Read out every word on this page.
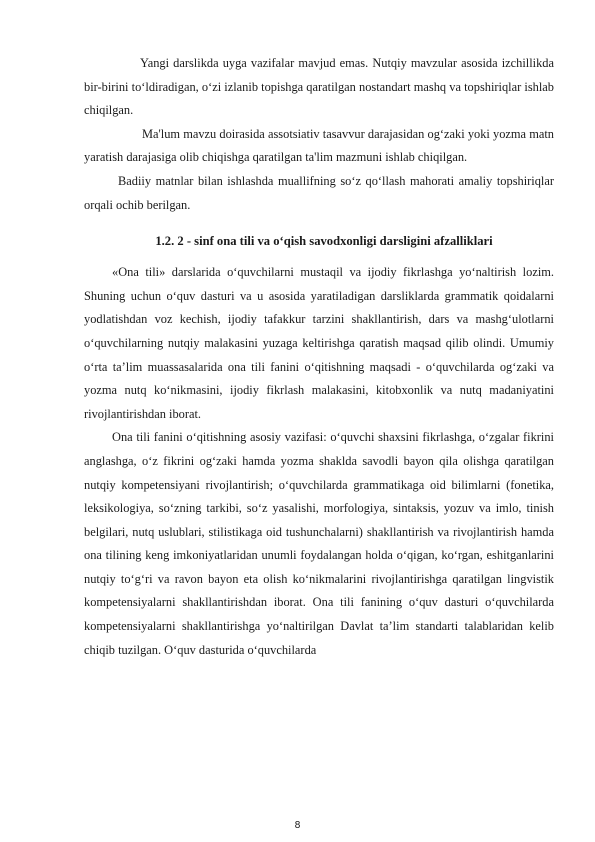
Yangi darslikda uyga vazifalar mavjud emas. Nutqiy mavzular asosida izchillikda bir-birini to‘ldiradigan, o‘zi izlanib topishga qaratilgan nostandart mashq va topshiriqlar ishlab chiqilgan.

Ma'lum mavzu doirasida assotsiativ tasavvur darajasidan og‘zaki yoki yozma matn yaratish darajasiga olib chiqishga qaratilgan ta'lim mazmuni ishlab chiqilgan.

Badiiy matnlar bilan ishlashda muallifning so‘z qo‘llash mahorati amaliy topshiriqlar orqali ochib berilgan.

1.2. 2 - sinf ona tili va o‘qish savodxonligi darsligini afzalliklari

«Ona tili» darslarida o‘quvchilarni mustaqil va ijodiy fikrlashga yo‘naltirish lozim. Shuning uchun o‘quv dasturi va u asosida yaratiladigan darsliklarda grammatik qoidalarni yodlatishdan voz kechish, ijodiy tafakkur tarzini shakllantirish, dars va mashg‘ulotlarni o‘quvchilarning nutqiy malakasini yuzaga keltirishga qaratish maqsad qilib olindi. Umumiy o‘rta ta’lim muassasalarida ona tili fanini o‘qitishning maqsadi - o‘quvchilarda og‘zaki va yozma nutq ko‘nikmasini, ijodiy fikrlash malakasini, kitobxonlik va nutq madaniyatini rivojlantirishdan iborat.

Ona tili fanini o‘qitishning asosiy vazifasi: o‘quvchi shaxsini fikrlashga, o‘zgalar fikrini anglashga, o‘z fikrini og‘zaki hamda yozma shaklda savodli bayon qila olishga qaratilgan nutqiy kompetensiyani rivojlantirish; o‘quvchilarda grammatikaga oid bilimlarni (fonetika, leksikologiya, so‘zning tarkibi, so‘z yasalishi, morfologiya, sintaksis, yozuv va imlo, tinish belgilari, nutq uslublari, stilistikaga oid tushunchalarni) shakllantirish va rivojlantirish hamda ona tilining keng imkoniyatlaridan unumli foydalangan holda o‘qigan, ko‘rgan, eshitganlarini nutqiy to‘g‘ri va ravon bayon eta olish ko‘nikmalarini rivojlantirishga qaratilgan lingvistik kompetensiyalarni shakllantirishdan iborat. Ona tili fanining o‘quv dasturi o‘quvchilarda kompetensiyalarni shakllantirishga yo‘naltirilgan Davlat ta’lim standarti talablaridan kelib chiqib tuzilgan. O‘quv dasturida o‘quvchilarda

8
